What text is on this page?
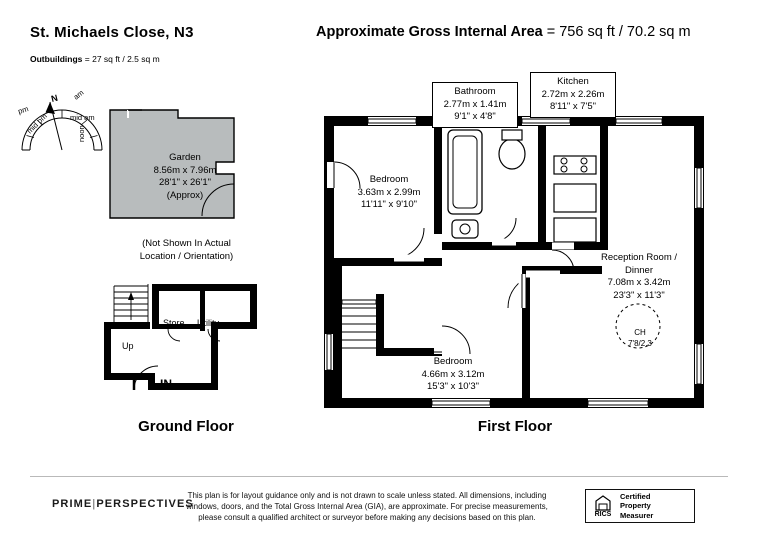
St. Michaels Close, N3	Approximate Gross Internal Area = 756 sq ft / 70.2 sq m
Outbuildings = 27 sq ft / 2.5 sq m
N am
mid am
noon
mid pm
pm
Garden
8.56m x 7.96m
28'1" x 26'1"
(Approx)
(Not Shown In Actual
Location / Orientation)
Store Utility
Up
IN
Ground Floor
Bathroom
2.77m x 1.41m
9'1" x 4'8"
Kitchen
2.72m x 2.26m
8'11" x 7'5"
Bedroom
3.63m x 2.99m
11'11" x 9'10"
Reception Room /
Dinner
7.08m x 3.42m
23'3" x 11'3"
Bedroom
4.66m x 3.12m
15'3" x 10'3"
CH
7'8/2.3
First Floor
PRIME|PERSPECTIVES
This plan is for layout guidance only and is not drawn to scale unless stated. All dimensions, including
windows, doors, and the Total Gross Internal Area (GIA), are approximate. For precise measurements,
please consult a qualified architect or surveyor before making any decisions based on this plan.	RICS
Certified
Property
Measurer
